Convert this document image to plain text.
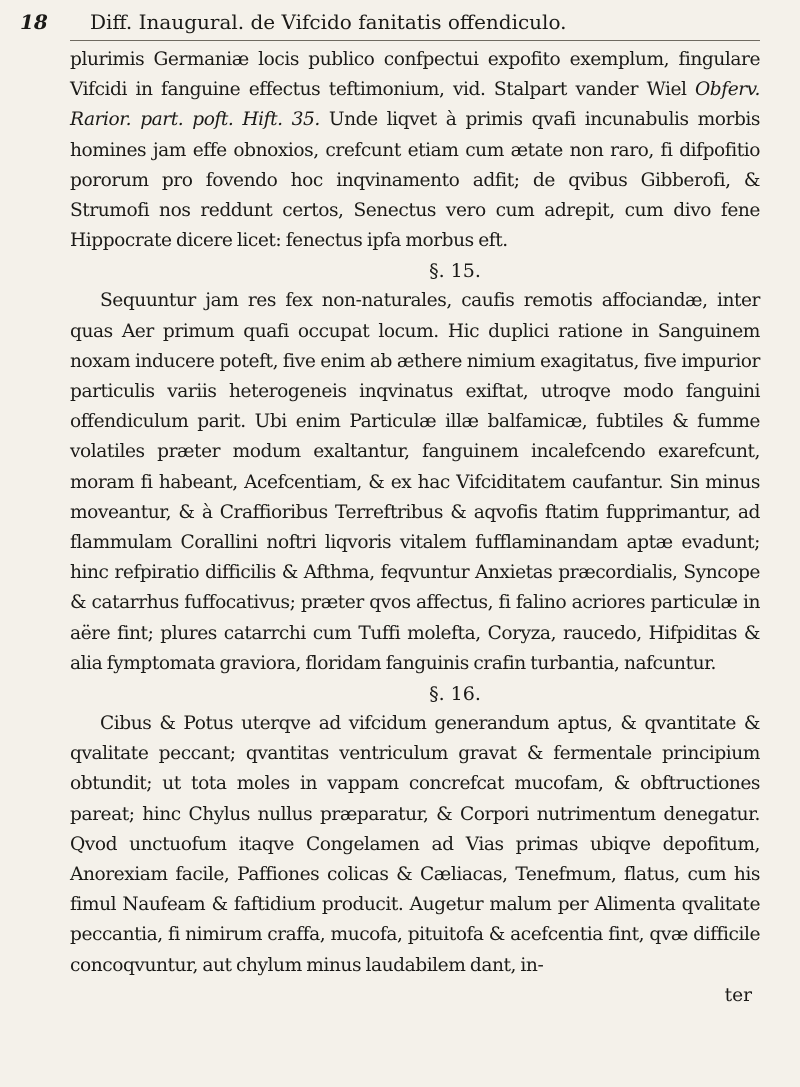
18	Diff. Inaugural. de Vifcido fanitatis offendiculo.

plurimis Germaniæ locis publico confpectui expofito exemplum, fingulare Vifcidi in fanguine effectus teftimonium, vid. Stalpart vander Wiel Obferv. Rarior. part. poft. Hift. 35. Unde liqvet à primis qvafi incunabulis morbis homines jam effe obnoxios, crefcunt etiam cum ætate non raro, fi difpofitio pororum pro fovendo hoc inqvinamento adfit; de qvibus Gibberofi, & Strumofi nos reddunt certos, Senectus vero cum adrepit, cum divo fene Hippocrate dicere licet: fenectus ipfa morbus eft.

§. 15.

Sequuntur jam res fex non-naturales, caufis remotis affociandæ, inter quas Aer primum quafi occupat locum. Hic duplici ratione in Sanguinem noxam inducere poteft, five enim ab æthere nimium exagitatus, five impurior particulis variis heterogeneis inqvinatus exiftat, utroqve modo fanguini offendiculum parit. Ubi enim Particulæ illæ balfamicæ, fubtiles & fumme volatiles præter modum exaltantur, fanguinem incalefcendo exarefcunt, moram fi habeant, Acefcentiam, & ex hac Vifciditatem caufantur. Sin minus moveantur, & à Craffioribus Terreftribus & aqvofis ftatim fupprimantur, ad flammulam Corallini noftri liqvoris vitalem fufflaminandam aptæ evadunt; hinc refpiratio difficilis & Afthma, feqvuntur Anxietas præcordialis, Syncope & catarrhus fuffocativus; præter qvos affectus, fi falino acriores particulæ in aëre fint; plures catarrchi cum Tuffi molefta, Coryza, raucedo, Hifpiditas & alia fymptomata graviora, floridam fanguinis crafin turbantia, nafcuntur.

§. 16.

Cibus & Potus uterqve ad vifcidum generandum aptus, & qvantitate & qvalitate peccant; qvantitas ventriculum gravat & fermentale principium obtundit; ut tota moles in vappam concrefcat mucofam, & obftructiones pareat; hinc Chylus nullus præparatur, & Corpori nutrimentum denegatur. Qvod unctuofum itaqve Congelamen ad Vias primas ubiqve depofitum, Anorexiam facile, Paffiones colicas & Cæliacas, Tenefmum, flatus, cum his fimul Naufeam & faftidium producit. Augetur malum per Alimenta qvalitate peccantia, fi nimirum craffa, mucofa, pituitofa & acefcentia fint, qvæ difficile concoqvuntur, aut chylum minus laudabilem dant, in-

ter
